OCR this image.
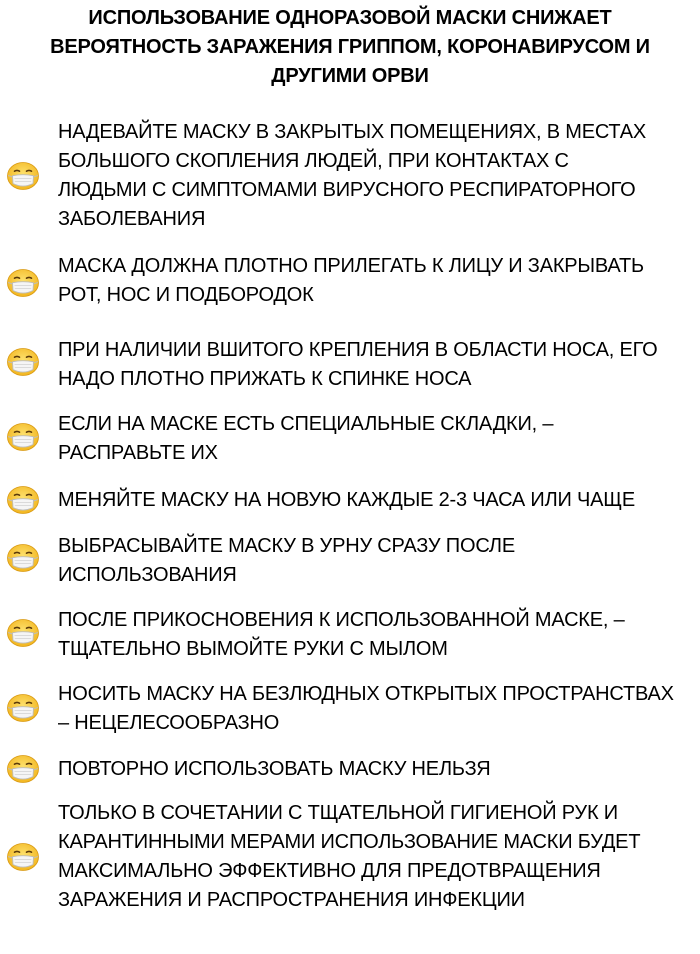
ИСПОЛЬЗОВАНИЕ ОДНОРАЗОВОЙ МАСКИ СНИЖАЕТ
ВЕРОЯТНОСТЬ ЗАРАЖЕНИЯ ГРИППОМ, КОРОНАВИРУСОМ И
ДРУГИМИ ОРВИ
НАДЕВАЙТЕ МАСКУ В ЗАКРЫТЫХ ПОМЕЩЕНИЯХ, В МЕСТАХ
БОЛЬШОГО СКОПЛЕНИЯ ЛЮДЕЙ, ПРИ КОНТАКТАХ С
ЛЮДЬМИ С СИМПТОМАМИ ВИРУСНОГО РЕСПИРАТОРНОГО
ЗАБОЛЕВАНИЯ
МАСКА ДОЛЖНА ПЛОТНО ПРИЛЕГАТЬ К ЛИЦУ И ЗАКРЫВАТЬ
РОТ, НОС И ПОДБОРОДОК
ПРИ НАЛИЧИИ ВШИТОГО КРЕПЛЕНИЯ В ОБЛАСТИ НОСА, ЕГО
НАДО ПЛОТНО ПРИЖАТЬ К СПИНКЕ НОСА
ЕСЛИ НА МАСКЕ ЕСТЬ СПЕЦИАЛЬНЫЕ СКЛАДКИ, –
РАСПРАВЬТЕ ИХ
МЕНЯЙТЕ МАСКУ НА НОВУЮ КАЖДЫЕ 2-3 ЧАСА ИЛИ ЧАЩЕ
ВЫБРАСЫВАЙТЕ МАСКУ В УРНУ СРАЗУ ПОСЛЕ
ИСПОЛЬЗОВАНИЯ
ПОСЛЕ ПРИКОСНОВЕНИЯ К ИСПОЛЬЗОВАННОЙ МАСКЕ, –
ТЩАТЕЛЬНО ВЫМОЙТЕ РУКИ С МЫЛОМ
НОСИТЬ МАСКУ НА БЕЗЛЮДНЫХ ОТКРЫТЫХ ПРОСТРАНСТВАХ
– НЕЦЕЛЕСООБРАЗНО
ПОВТОРНО ИСПОЛЬЗОВАТЬ МАСКУ НЕЛЬЗЯ
ТОЛЬКО В СОЧЕТАНИИ С ТЩАТЕЛЬНОЙ ГИГИЕНОЙ РУК И
КАРАНТИННЫМИ МЕРАМИ ИСПОЛЬЗОВАНИЕ МАСКИ БУДЕТ
МАКСИМАЛЬНО ЭФФЕКТИВНО ДЛЯ ПРЕДОТВРАЩЕНИЯ
ЗАРАЖЕНИЯ И РАСПРОСТРАНЕНИЯ ИНФЕКЦИИ
